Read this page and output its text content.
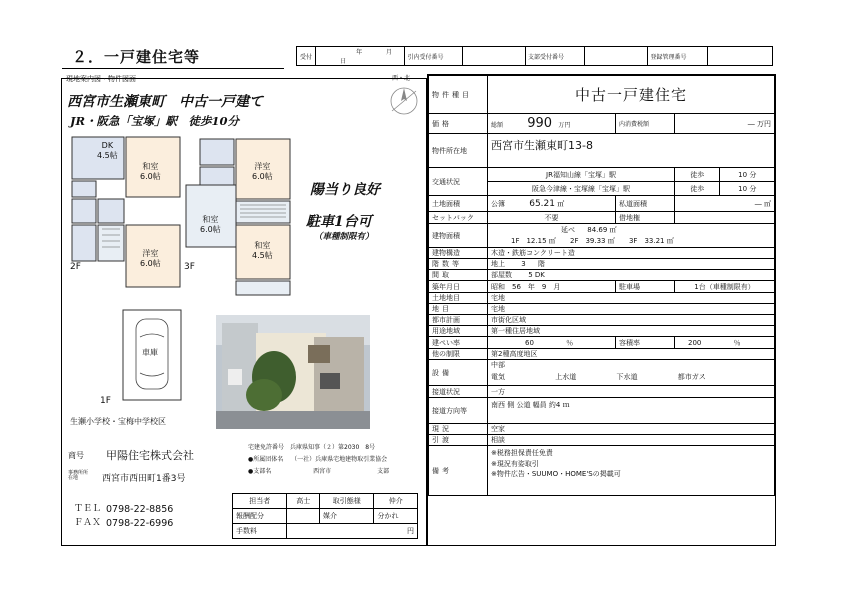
２．一戸建住宅等	受付	年	月 日	引内受付番号		支部受付番号		登録管理番号	
現地案内図・物件図面	西・北
西宮市生瀬東町　中古一戸建て
JR・阪急「宝塚」駅　徒歩10分
DK
4.5帖
和室
6.0帖
洋室
6.0帖
洋室
6.0帖
和室
6.0帖
和室
4.5帖
2F	3F
陽当り良好
駐車1台可
（車種制限有）
車庫
1F
生瀬小学校・宝梅中学校区
商号 甲陽住宅株式会社
事務所所在地	西宮市西田町1番3号
ＴＥＬ 0798-22-8856
ＦＡＸ 0798-22-6996
宅建免許番号　兵庫県知事（２）第2030　8号
●所属団体名 （一社）兵庫県宅地建物取引業協会
●支部名	西宮市	支部
担当者	高士	取引態様	仲介
報酬配分		媒介	分かれ
手数料	円		
物件種目	中古一戸建住宅			
価格	総額 990 万円	内消費税額	― 万円	
物件所在地	西宮市生瀬東町13-8			
交通状況	JR福知山線「宝塚」駅		徒歩	10 分
	阪急今津線・宝塚線「宝塚」駅		徒歩	10 分
土地面積	公簿 65.21 ㎡	私道面積	― ㎡	
セットバック	不要	借地権		
建物面積	延べ 84.69 ㎡			
	1F　12.15 ㎡ 2F　39.33 ㎡ 3F　33.21 ㎡			
建物構造	木造・鉄筋コンクリート造			
階数等	地上 3 階			
間取	部屋数 5 DK			
築年月日	昭和　56　年　9　月	駐車場	1台（車種制限有）	
土地地目	宅地			
地目	宅地			
都市計画	市街化区域			
用途地域	第一種住居地域			
建ぺい率	60 ％	容積率	200 ％	
他の制限	第2種高度地区			
設備	中部
電気 上水道 下水道 都市ガス			

接道状況	一方			
接道方向等	南西 側 公道 幅員 約4 ｍ			
現況	空家			
引渡	相談			
備考	※税務担保責任免責
※現況有姿取引
※物件広告・SUUMO・HOME'Sの掲載可			
